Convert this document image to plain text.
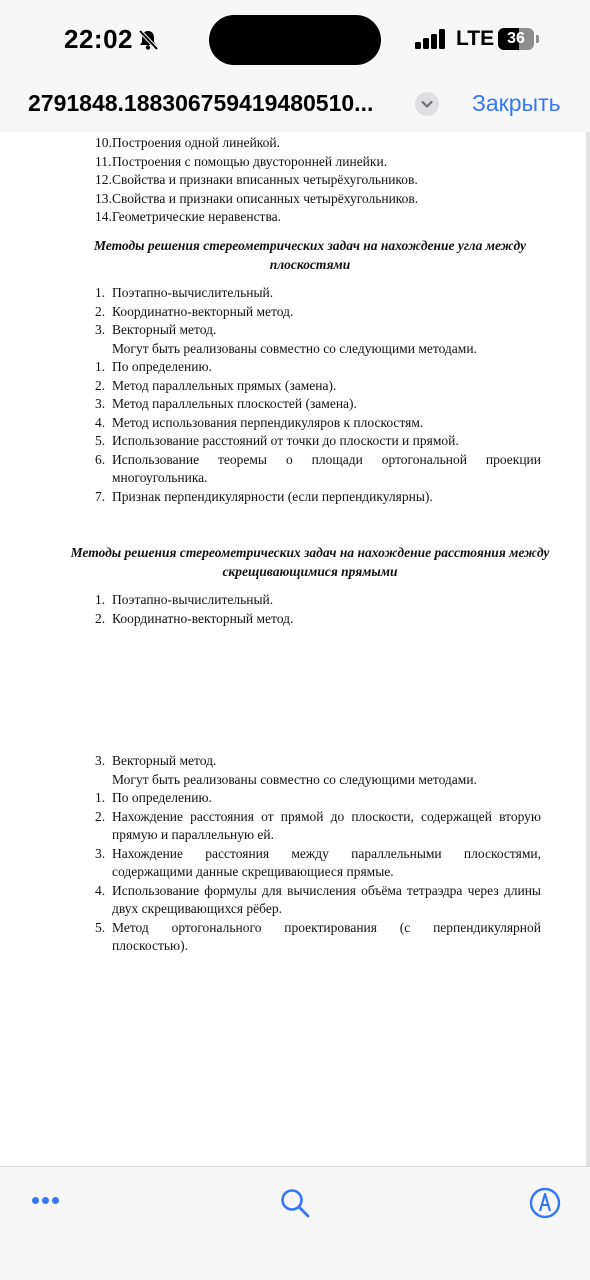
22:02	LTE 36
2791848.18830675941948051​0...	Закрыть
10. Построения одной линейкой.
11. Построения с помощью двусторонней линейки.
12. Свойства и признаки вписанных четырёхугольников.
13. Свойства и признаки описанных четырёхугольников.
14. Геометрические неравенства.
Методы решения стереометрических задач на нахождение угла между плоскостями
1. Поэтапно-вычислительный.
2. Координатно-векторный метод.
3. Векторный метод.
Могут быть реализованы совместно со следующими методами.
1. По определению.
2. Метод параллельных прямых (замена).
3. Метод параллельных плоскостей (замена).
4. Метод использования перпендикуляров к плоскостям.
5. Использование расстояний от точки до плоскости и прямой.
6. Использование теоремы о площади ортогональной проекции многоугольника.
7. Признак перпендикулярности (если перпендикулярны).
Методы решения стереометрических задач на нахождение расстояния между скрещивающимися прямыми
1. Поэтапно-вычислительный.
2. Координатно-векторный метод.
3. Векторный метод.
Могут быть реализованы совместно со следующими методами.
1. По определению.
2. Нахождение расстояния от прямой до плоскости, содержащей вторую прямую и параллельную ей.
3. Нахождение расстояния между параллельными плоскостями, содержащими данные скрещивающиеся прямые.
4. Использование формулы для вычисления объёма тетраэдра через длины двух скрещивающихся рёбер.
5. Метод ортогонального проектирования (с перпендикулярной плоскостью).
